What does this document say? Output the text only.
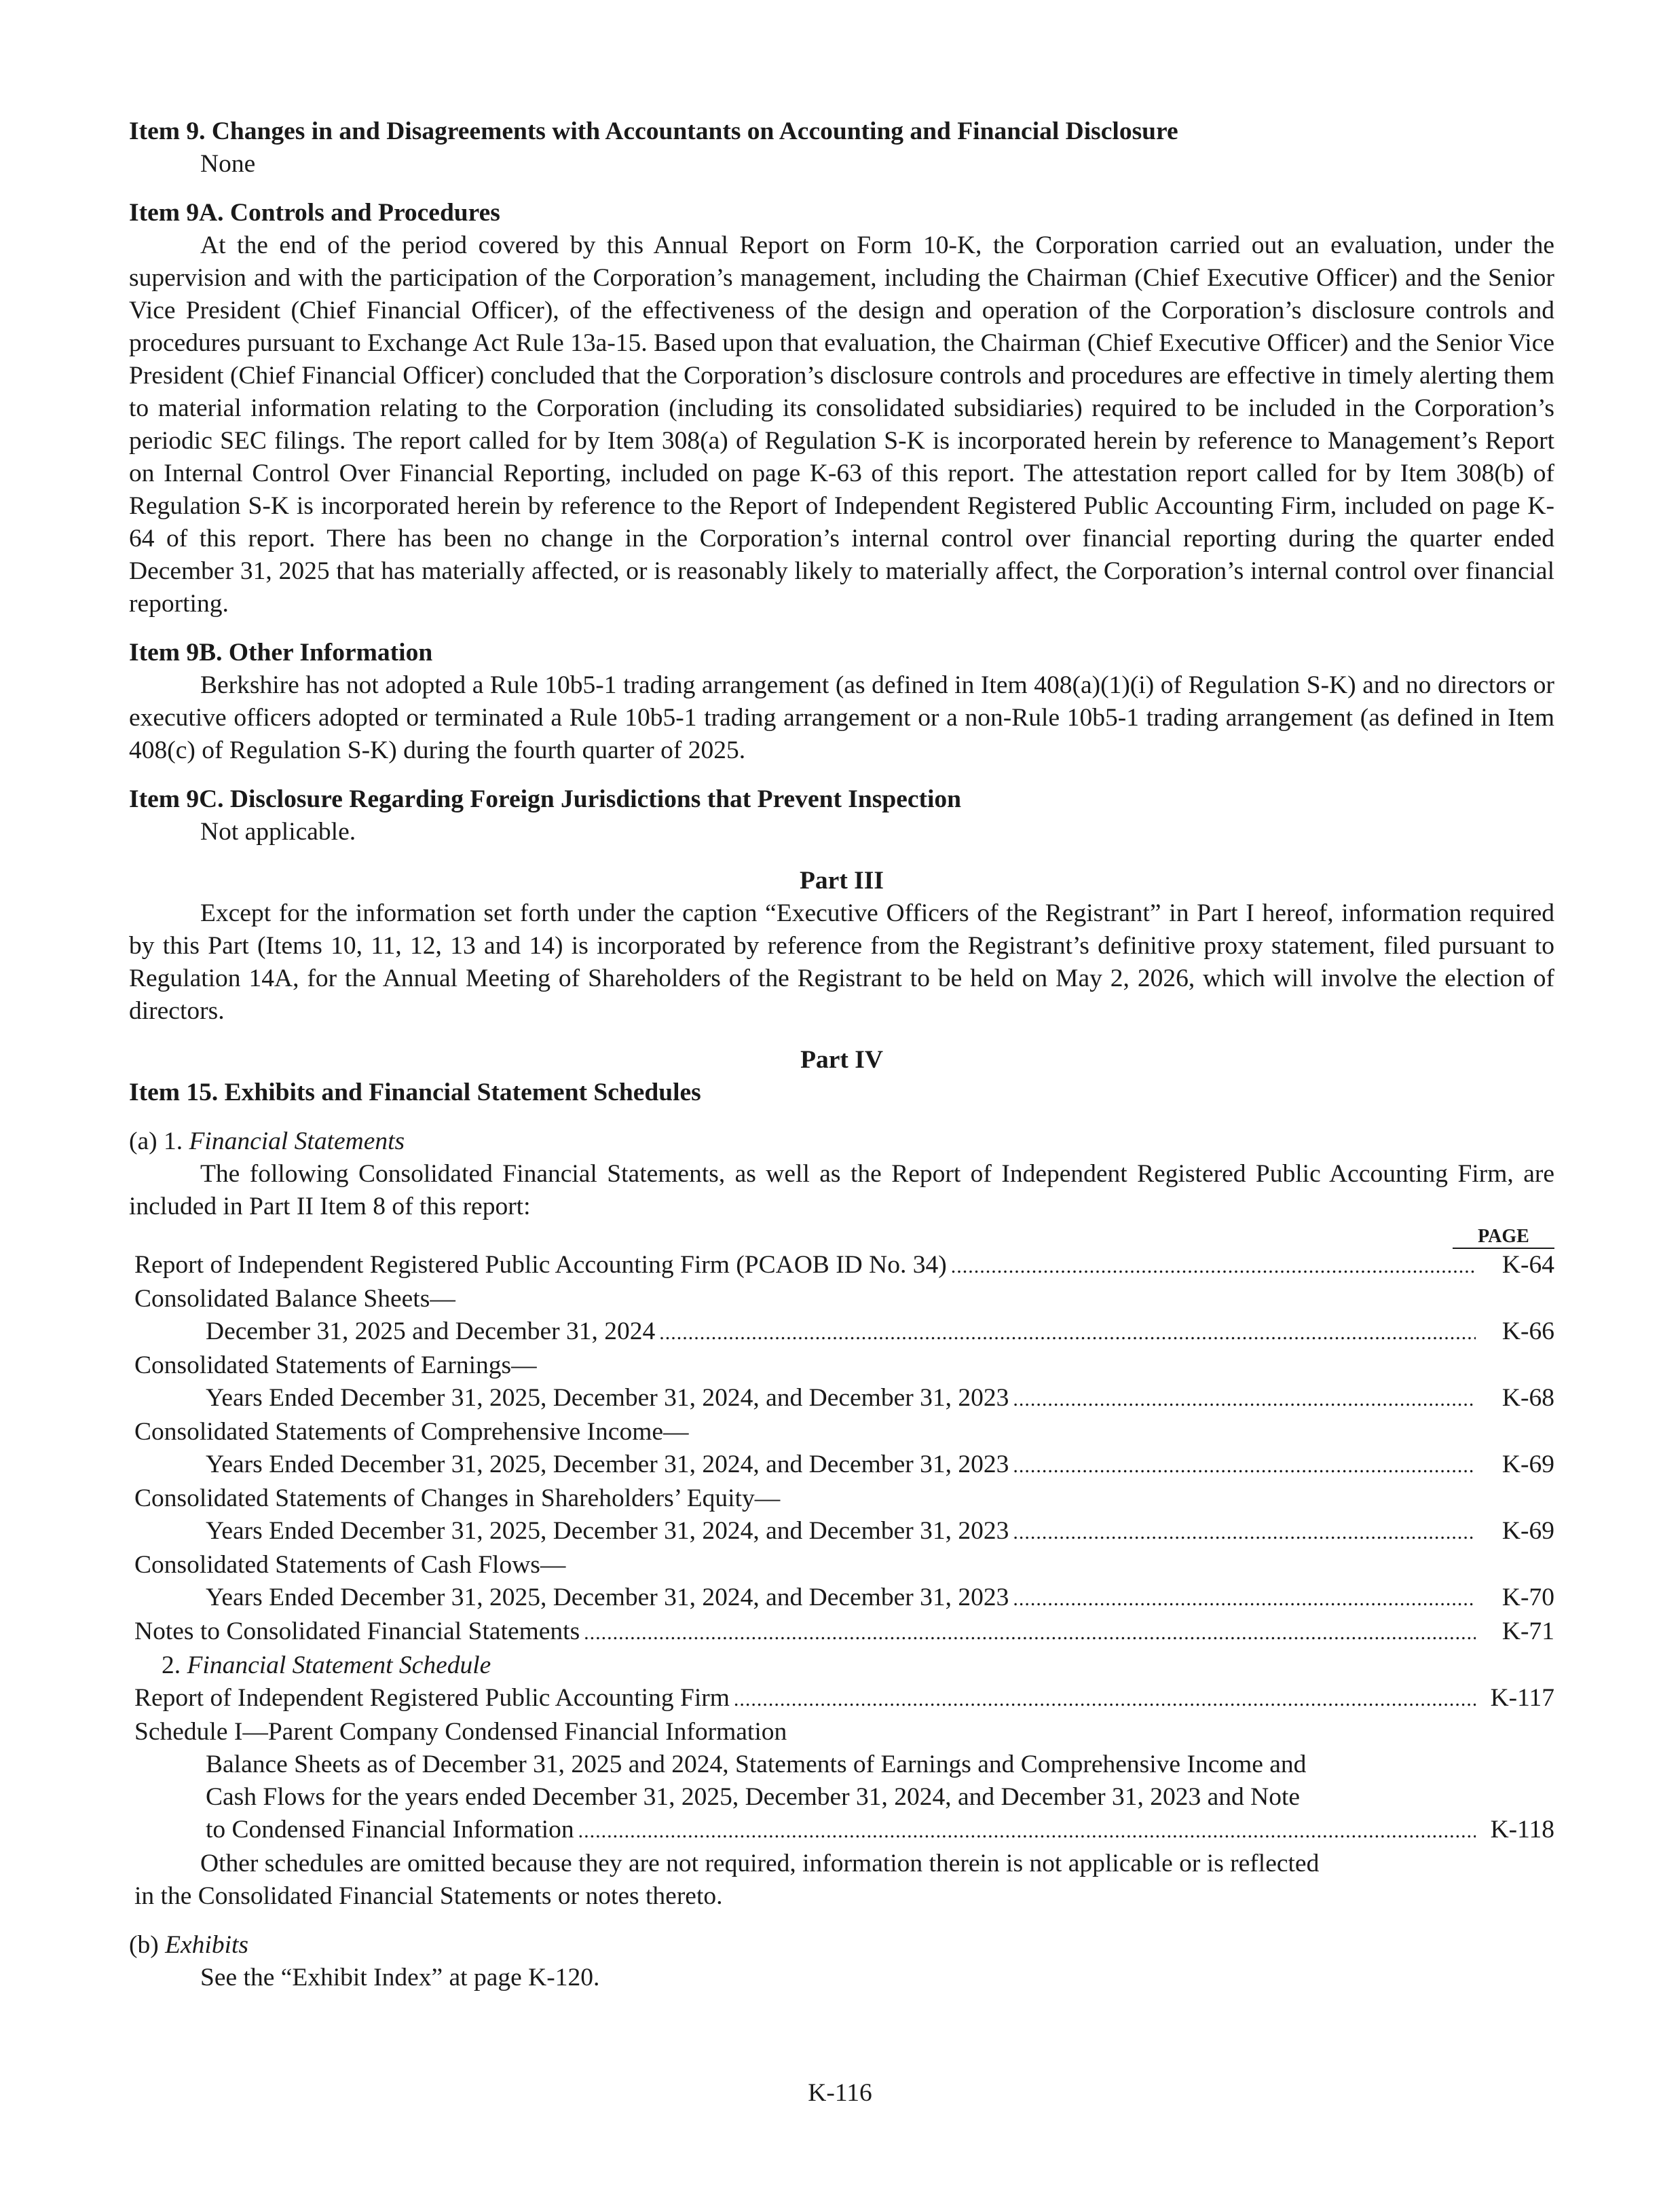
Item 9. Changes in and Disagreements with Accountants on Accounting and Financial Disclosure

None

Item 9A. Controls and Procedures

At the end of the period covered by this Annual Report on Form 10-K, the Corporation carried out an evaluation, under the supervision and with the participation of the Corporation’s management, including the Chairman (Chief Executive Officer) and the Senior Vice President (Chief Financial Officer), of the effectiveness of the design and operation of the Corporation’s disclosure controls and procedures pursuant to Exchange Act Rule 13a-15. Based upon that evaluation, the Chairman (Chief Executive Officer) and the Senior Vice President (Chief Financial Officer) concluded that the Corporation’s disclosure controls and procedures are effective in timely alerting them to material information relating to the Corporation (including its consolidated subsidiaries) required to be included in the Corporation’s periodic SEC filings. The report called for by Item 308(a) of Regulation S-K is incorporated herein by reference to Management’s Report on Internal Control Over Financial Reporting, included on page K-63 of this report. The attestation report called for by Item 308(b) of Regulation S-K is incorporated herein by reference to the Report of Independent Registered Public Accounting Firm, included on page K-64 of this report. There has been no change in the Corporation’s internal control over financial reporting during the quarter ended December 31, 2025 that has materially affected, or is reasonably likely to materially affect, the Corporation’s internal control over financial reporting.

Item 9B. Other Information

Berkshire has not adopted a Rule 10b5-1 trading arrangement (as defined in Item 408(a)(1)(i) of Regulation S-K) and no directors or executive officers adopted or terminated a Rule 10b5-1 trading arrangement or a non-Rule 10b5-1 trading arrangement (as defined in Item 408(c) of Regulation S-K) during the fourth quarter of 2025.

Item 9C. Disclosure Regarding Foreign Jurisdictions that Prevent Inspection

Not applicable.

Part III

Except for the information set forth under the caption “Executive Officers of the Registrant” in Part I hereof, information required by this Part (Items 10, 11, 12, 13 and 14) is incorporated by reference from the Registrant’s definitive proxy statement, filed pursuant to Regulation 14A, for the Annual Meeting of Shareholders of the Registrant to be held on May 2, 2026, which will involve the election of directors.

Part IV

Item 15. Exhibits and Financial Statement Schedules

(a) 1. Financial Statements

The following Consolidated Financial Statements, as well as the Report of Independent Registered Public Accounting Firm, are included in Part II Item 8 of this report:

PAGE

Report of Independent Registered Public Accounting Firm (PCAOB ID No. 34) .....	K-64

Consolidated Balance Sheets—

December 31, 2025 and December 31, 2024 .....	K-66

Consolidated Statements of Earnings—

Years Ended December 31, 2025, December 31, 2024, and December 31, 2023 .....	K-68

Consolidated Statements of Comprehensive Income—

Years Ended December 31, 2025, December 31, 2024, and December 31, 2023 .....	K-69

Consolidated Statements of Changes in Shareholders’ Equity—

Years Ended December 31, 2025, December 31, 2024, and December 31, 2023 .....	K-69

Consolidated Statements of Cash Flows—

Years Ended December 31, 2025, December 31, 2024, and December 31, 2023 .....	K-70
Notes to Consolidated Financial Statements .....	K-71

2. Financial Statement Schedule

Report of Independent Registered Public Accounting Firm .....	K-117

Schedule I—Parent Company Condensed Financial Information

Balance Sheets as of December 31, 2025 and 2024, Statements of Earnings and Comprehensive Income and

Cash Flows for the years ended December 31, 2025, December 31, 2024, and December 31, 2023 and Note

to Condensed Financial Information .....	K-118

Other schedules are omitted because they are not required, information therein is not applicable or is reflected

in the Consolidated Financial Statements or notes thereto.

(b) Exhibits

See the “Exhibit Index” at page K-120.

K-116
